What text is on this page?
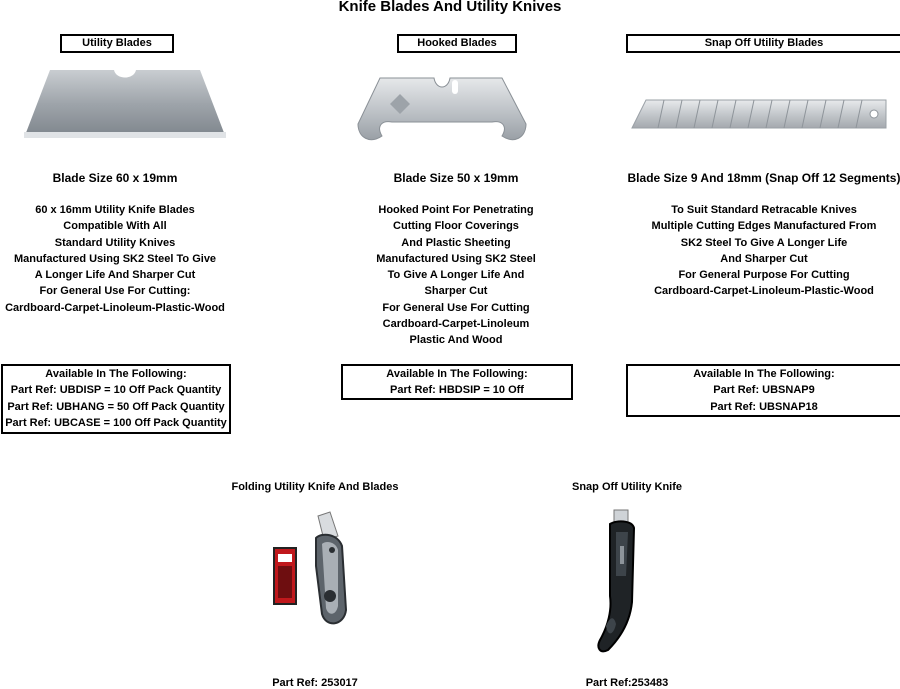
Knife Blades And Utility Knives
Utility Blades
Blade Size 60 x 19mm
60 x 16mm Utility Knife Blades
Compatible With All
Standard Utility Knives
Manufactured Using SK2 Steel To Give
A Longer Life And Sharper Cut
For General Use For Cutting:
Cardboard-Carpet-Linoleum-Plastic-Wood
Available In The Following:
Part Ref: UBDISP = 10 Off Pack Quantity
Part Ref: UBHANG = 50 Off Pack Quantity
Part Ref: UBCASE = 100 Off Pack Quantity
Hooked Blades
Blade Size 50 x 19mm
Hooked Point For Penetrating
Cutting Floor Coverings
And Plastic Sheeting
Manufactured Using SK2 Steel
To Give A Longer Life And
Sharper Cut
For General Use For Cutting
Cardboard-Carpet-Linoleum
Plastic And Wood
Available In The Following:
Part Ref: HBDSIP = 10 Off
Snap Off Utility Blades
Blade Size 9 And 18mm (Snap Off 12 Segments)
To Suit Standard Retracable Knives
Multiple Cutting Edges Manufactured From
SK2 Steel To Give A Longer Life
And Sharper Cut
For General Purpose For Cutting
Cardboard-Carpet-Linoleum-Plastic-Wood
Available In The Following:
Part Ref: UBSNAP9
Part Ref: UBSNAP18
Folding Utility Knife And Blades
Part Ref: 253017
Snap Off Utility Knife
Part Ref:253483
